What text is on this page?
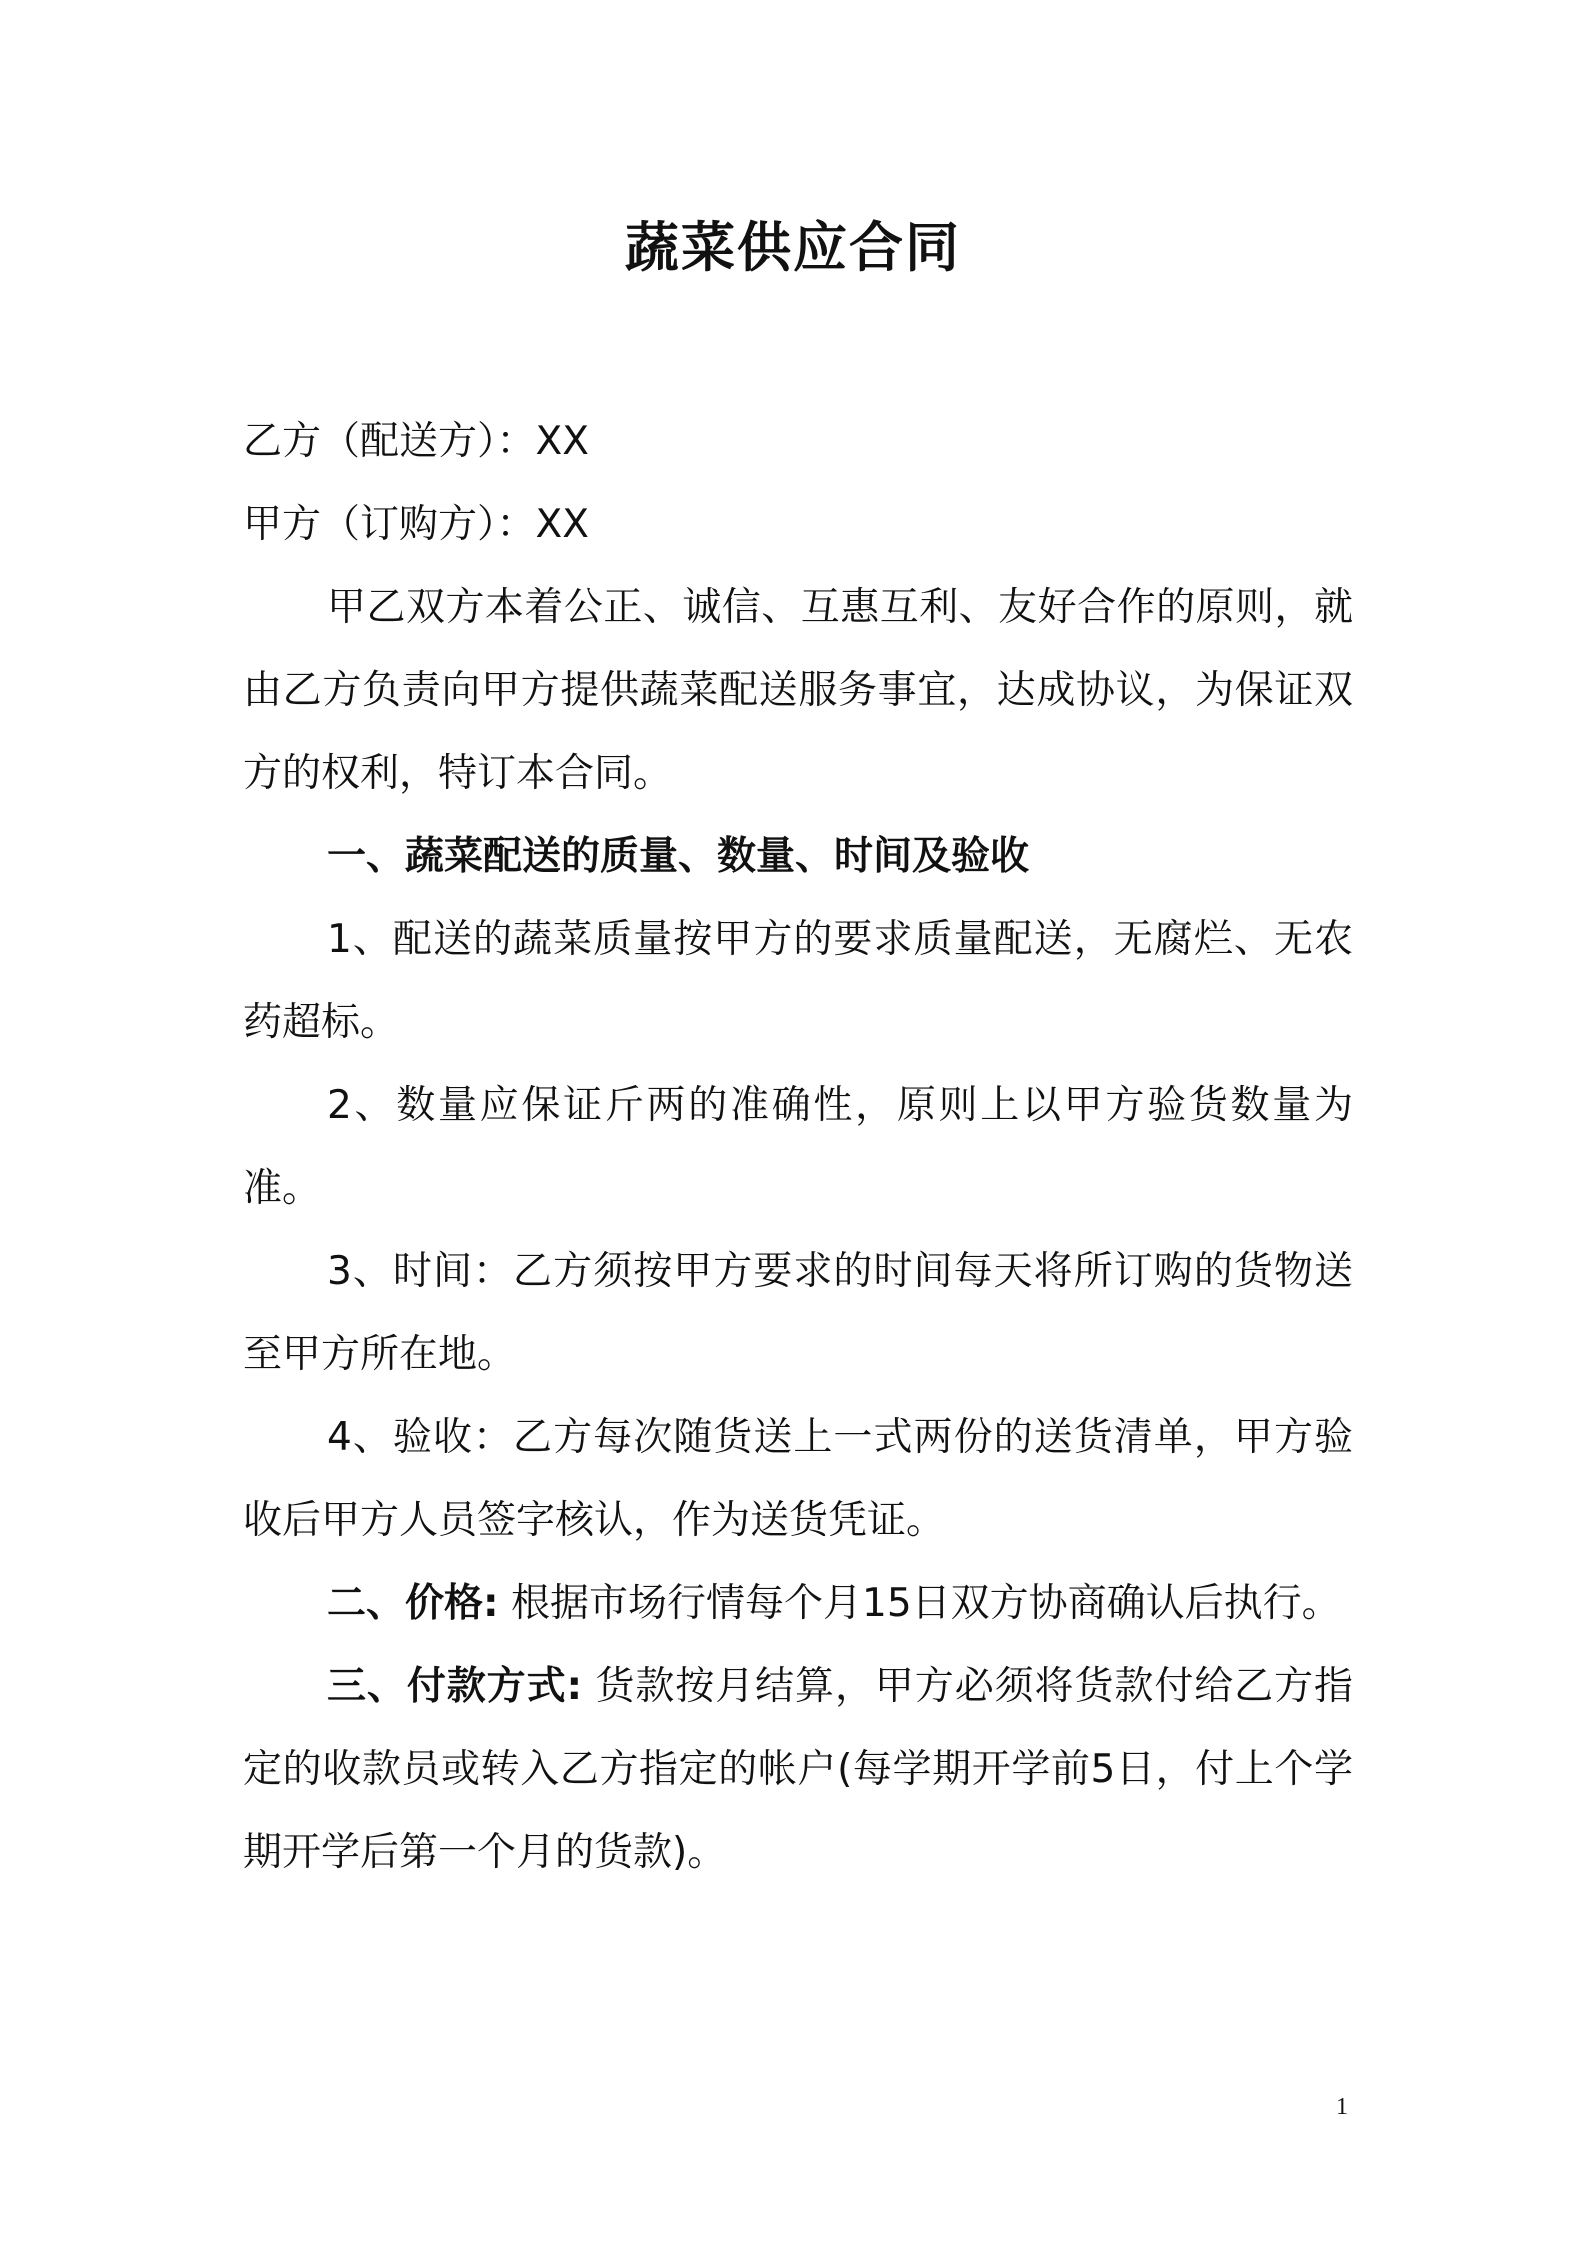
蔬菜供应合同

乙方（配送方）：XX

甲方（订购方）：XX

甲乙双方本着公正、诚信、互惠互利、友好合作的原则，就由乙方负责向甲方提供蔬菜配送服务事宜，达成协议，为保证双方的权利，特订本合同。

一、蔬菜配送的质量、数量、时间及验收

1、配送的蔬菜质量按甲方的要求质量配送，无腐烂、无农药超标。

2、数量应保证斤两的准确性，原则上以甲方验货数量为准。

3、时间：乙方须按甲方要求的时间每天将所订购的货物送至甲方所在地。

4、验收：乙方每次随货送上一式两份的送货清单，甲方验收后甲方人员签字核认，作为送货凭证。

二、价格: 根据市场行情每个月15日双方协商确认后执行。

三、付款方式: 货款按月结算，甲方必须将货款付给乙方指定的收款员或转入乙方指定的帐户(每学期开学前5日，付上个学期开学后第一个月的货款)。

1
